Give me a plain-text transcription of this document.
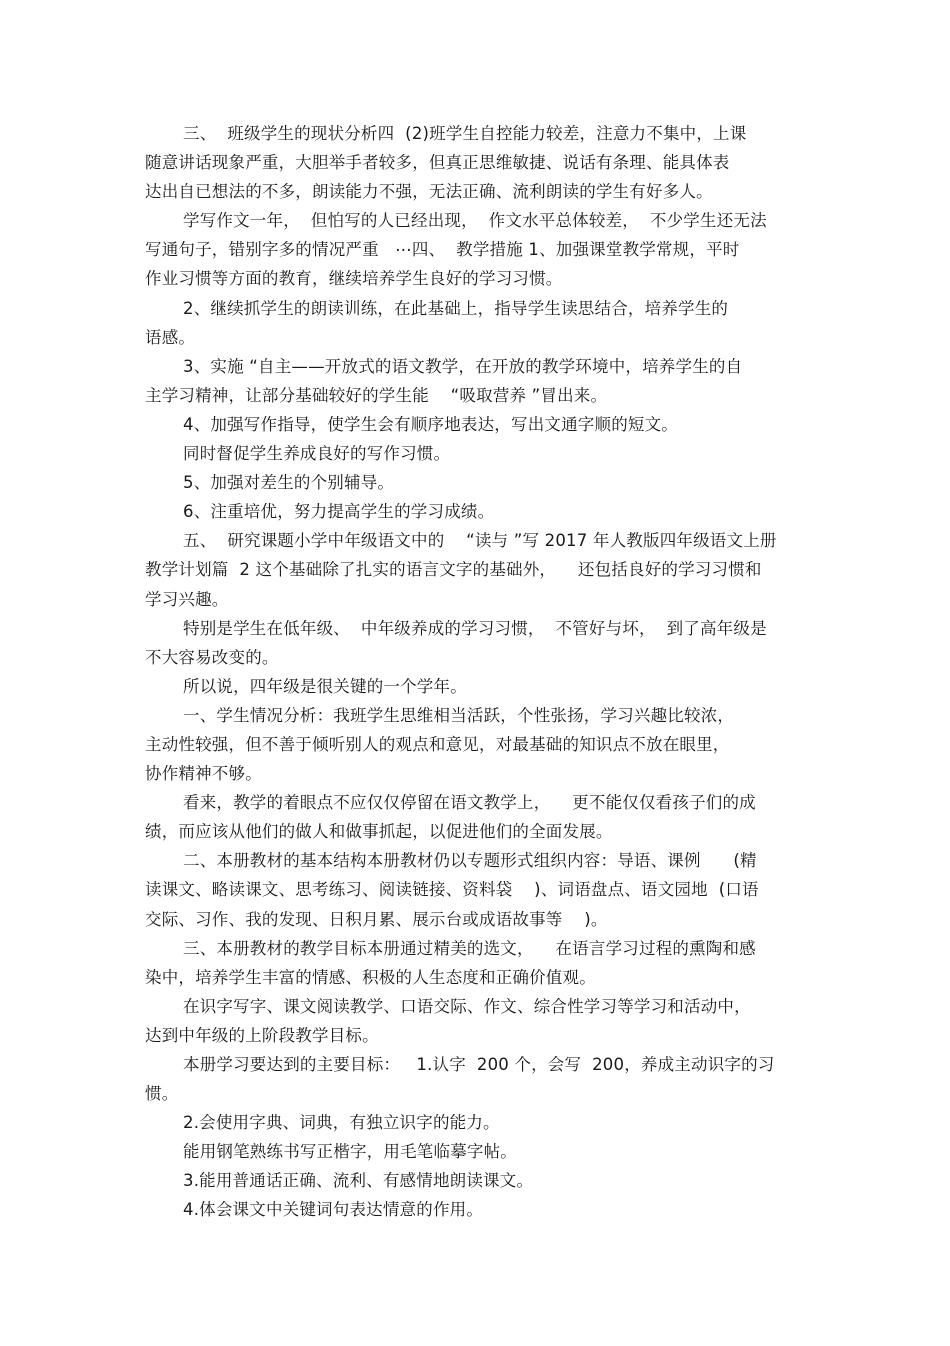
三、  班级学生的现状分析四  (2)班学生自控能力较差，注意力不集中，上课
随意讲话现象严重，大胆举手者较多，但真正思维敏捷、说话有条理、能具体表
达出自已想法的不多，朗读能力不强，无法正确、流利朗读的学生有好多人。
学写作文一年，  但怕写的人已经出现，  作文水平总体较差，  不少学生还无法
写通句子，错别字多的情况严重   ⋯四、  教学措施 1、加强课堂教学常规，平时
作业习惯等方面的教育，继续培养学生良好的学习习惯。
2、继续抓学生的朗读训练，在此基础上，指导学生读思结合，培养学生的
语感。
3、实施 “自主——开放式的语文教学，在开放的教学环境中，培养学生的自
主学习精神，让部分基础较好的学生能    “吸取营养 ”冒出来。
4、加强写作指导，使学生会有顺序地表达，写出文通字顺的短文。
同时督促学生养成良好的写作习惯。
5、加强对差生的个别辅导。
6、注重培优，努力提高学生的学习成绩。
五、  研究课题小学中年级语文中的    “读与 ”写 2017 年人教版四年级语文上册
教学计划篇  2 这个基础除了扎实的语言文字的基础外，    还包括良好的学习习惯和
学习兴趣。
特别是学生在低年级、  中年级养成的学习习惯，  不管好与坏，  到了高年级是
不大容易改变的。
所以说，四年级是很关键的一个学年。
一、学生情况分析：我班学生思维相当活跃，个性张扬，学习兴趣比较浓，
主动性较强，但不善于倾听别人的观点和意见，对最基础的知识点不放在眼里，
协作精神不够。
看来，教学的着眼点不应仅仅停留在语文教学上，    更不能仅仅看孩子们的成
绩，而应该从他们的做人和做事抓起，以促进他们的全面发展。
二、本册教材的基本结构本册教材仍以专题形式组织内容：导语、课例      (精
读课文、略读课文、思考练习、阅读链接、资料袋    )、词语盘点、语文园地  (口语
交际、习作、我的发现、日积月累、展示台或成语故事等    )。
三、本册教材的教学目标本册通过精美的选文，    在语言学习过程的熏陶和感
染中，培养学生丰富的情感、积极的人生态度和正确价值观。
在识字写字、课文阅读教学、口语交际、作文、综合性学习等学习和活动中，
达到中年级的上阶段教学目标。
本册学习要达到的主要目标：   1.认字  200 个，会写  200，养成主动识字的习
惯。
2.会使用字典、词典，有独立识字的能力。
能用钢笔熟练书写正楷字，用毛笔临摹字帖。
3.能用普通话正确、流利、有感情地朗读课文。
4.体会课文中关键词句表达情意的作用。
